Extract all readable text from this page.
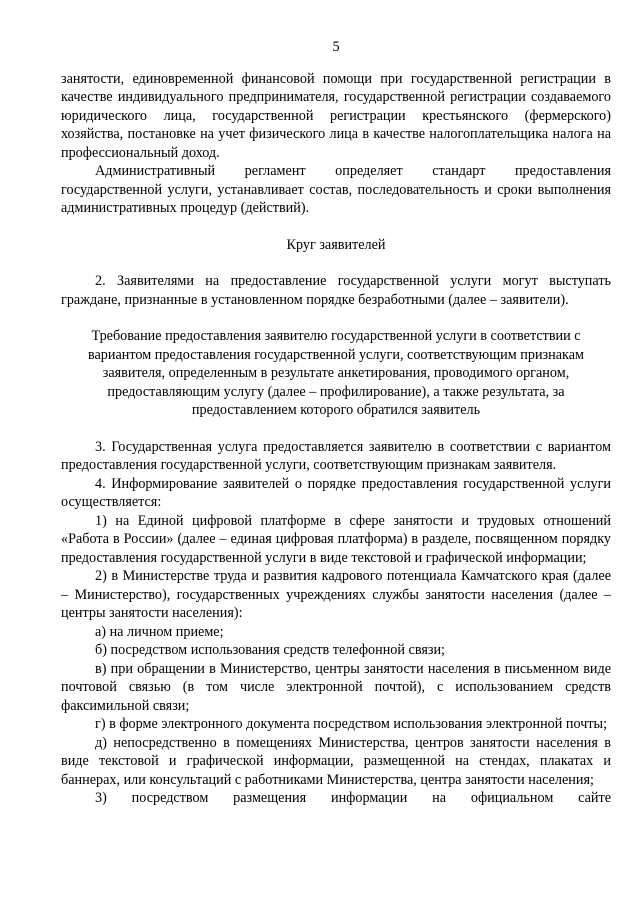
5

занятости, единовременной финансовой помощи при государственной регистрации в качестве индивидуального предпринимателя, государственной регистрации создаваемого юридического лица, государственной регистрации крестьянского (фермерского) хозяйства, постановке на учет физического лица в качестве налогоплательщика налога на профессиональный доход.

Административный регламент определяет стандарт предоставления государственной услуги, устанавливает состав, последовательность и сроки выполнения административных процедур (действий).

Круг заявителей

2. Заявителями на предоставление государственной услуги могут выступать граждане, признанные в установленном порядке безработными (далее – заявители).

Требование предоставления заявителю государственной услуги в соответствии с вариантом предоставления государственной услуги, соответствующим признакам заявителя, определенным в результате анкетирования, проводимого органом, предоставляющим услугу (далее – профилирование), а также результата, за предоставлением которого обратился заявитель

3. Государственная услуга предоставляется заявителю в соответствии с вариантом предоставления государственной услуги, соответствующим признакам заявителя.

4. Информирование заявителей о порядке предоставления государственной услуги осуществляется:

1) на Единой цифровой платформе в сфере занятости и трудовых отношений «Работа в России» (далее – единая цифровая платформа) в разделе, посвященном порядку предоставления государственной услуги в виде текстовой и графической информации;

2) в Министерстве труда и развития кадрового потенциала Камчатского края (далее – Министерство), государственных учреждениях службы занятости населения (далее – центры занятости населения):

а) на личном приеме;

б) посредством использования средств телефонной связи;

в) при обращении в Министерство, центры занятости населения в письменном виде почтовой связью (в том числе электронной почтой), с использованием средств факсимильной связи;

г) в форме электронного документа посредством использования электронной почты;

д) непосредственно в помещениях Министерства, центров занятости населения в виде текстовой и графической информации, размещенной на стендах, плакатах и баннерах, или консультаций с работниками Министерства, центра занятости населения;

3) посредством размещения информации на официальном сайте
